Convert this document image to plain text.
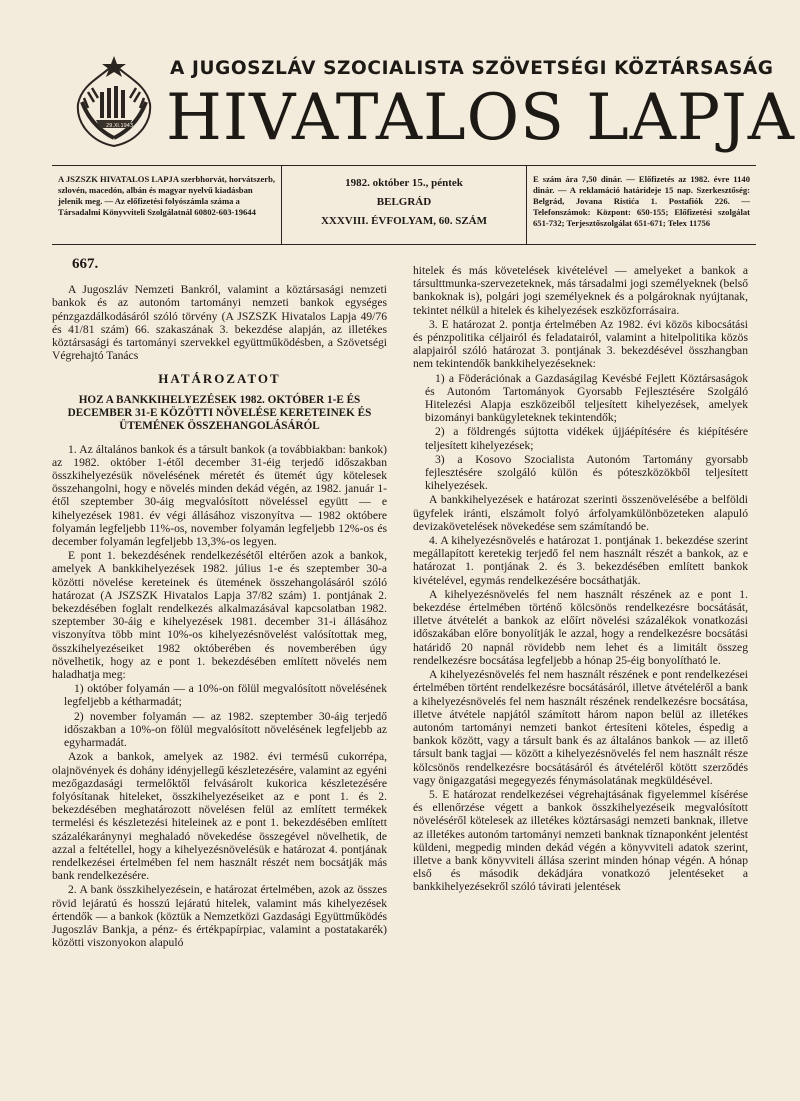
29.XI.1943
A JUGOSZLÁV SZOCIALISTA SZÖVETSÉGI KÖZTÁRSASÁG
HIVATALOS LAPJA
A JSZSZK HIVATALOS LAPJA szerbhorvát, horvátszerb, szlovén, macedón, albán és magyar nyelvű kiadásban jelenik meg. — Az előfizetési folyószámla száma a Társadalmi Könyvviteli Szolgálatnál 60802-603-19644
1982. október 15., péntek
BELGRÁD
XXXVIII. ÉVFOLYAM, 60. SZÁM
E szám ára 7,50 dinár. — Előfizetés az 1982. évre 1140 dinár. — A reklamáció határideje 15 nap. Szerkesztőség: Belgrád, Jovana Ristića 1. Postafiók 226. — Telefonszámok: Központ: 650-155; Előfizetési szolgálat 651-732; Terjesztőszolgálat 651-671; Telex 11756
667.

A Jugoszláv Nemzeti Bankról, valamint a köztársasági nemzeti bankok és az autonóm tartományi nemzeti bankok egységes pénzgazdálkodásáról szóló törvény (A JSZSZK Hivatalos Lapja 49/76 és 41/81 szám) 66. szakaszának 3. bekezdése alapján, az illetékes köztársasági és tartományi szervekkel együttműködésben, a Szövetségi Végrehajtó Tanács

HATÁROZATOT
HOZ A BANKKIHELYEZÉSEK 1982. OKTÓBER 1-E ÉS DECEMBER 31-E KÖZÖTTI NÖVELÉSE KERETEINEK ÉS ÜTEMÉNEK ÖSSZEHANGOLÁSÁRÓL

1. Az általános bankok és a társult bankok (a továbbiakban: bankok) az 1982. október 1-étől december 31-éig terjedő időszakban összkihelyezésük növelésének méretét és ütemét úgy kötelesek összehangolni, hogy e növelés minden dekád végén, az 1982. január 1-étől szeptember 30-áig megvalósított növeléssel együtt — e kihelyezések 1981. év végi állásához viszonyítva — 1982 októbere folyamán legfeljebb 11%-os, november folyamán legfeljebb 12%-os és december folyamán legfeljebb 13,3%-os legyen.

E pont 1. bekezdésének rendelkezésétől eltérően azok a bankok, amelyek A bankkihelyezések 1982. július 1-e és szeptember 30-a közötti növelése kereteinek és ütemének összehangolásáról szóló határozat (A JSZSZK Hivatalos Lapja 37/82 szám) 1. pontjának 2. bekezdésében foglalt rendelkezés alkalmazásával kapcsolatban 1982. szeptember 30-áig e kihelyezések 1981. december 31-i állásához viszonyítva több mint 10%-os kihelyezésnövelést valósítottak meg, összkihelyezéseiket 1982 októberében és novemberében úgy növelhetik, hogy az e pont 1. bekezdésében említett növelés nem haladhatja meg:

1) október folyamán — a 10%-on fölül megvalósított növelésének legfeljebb a kétharmadát;

2) november folyamán — az 1982. szeptember 30-áig terjedő időszakban a 10%-on fölül megvalósított növelésének legfeljebb az egyharmadát.

Azok a bankok, amelyek az 1982. évi termésű cukorrépa, olajnövények és dohány idényjellegű készletezésére, valamint az egyéni mezőgazdasági termelőktől felvásárolt kukorica készletezésére folyósítanak hiteleket, összkihelyezéseiket az e pont 1. és 2. bekezdésében meghatározott növelésen felül az említett termékek termelési és készletezési hiteleinek az e pont 1. bekezdésében említett százalékaránynyi meghaladó növekedése összegével növelhetik, de azzal a feltétellel, hogy a kihelyezésnövelésük e határozat 4. pontjának rendelkezései értelmében fel nem használt részét nem bocsátják más bank rendelkezésére.

2. A bank összkihelyezésein, e határozat értelmében, azok az összes rövid lejáratú és hosszú lejáratú hitelek, valamint más kihelyezések értendők — a bankok (köztük a Nemzetközi Gazdasági Együttműködés Jugoszláv Bankja, a pénz- és értékpapírpiac, valamint a postatakarék) közötti viszonyokon alapuló

hitelek és más követelések kivételével — amelyeket a bankok a társulttmunka-szervezeteknek, más társadalmi jogi személyeknek (belső bankoknak is), polgári jogi személyeknek és a polgároknak nyújtanak, tekintet nélkül a hitelek és kihelyezések eszközforrásaira.

3. E határozat 2. pontja értelmében Az 1982. évi közös kibocsátási és pénzpolitika céljairól és feladatairól, valamint a hitelpolitika közös alapjairól szóló határozat 3. pontjának 3. bekezdésével összhangban nem tekintendők bankkihelyezéseknek:

1) a Föderációnak a Gazdaságilag Kevésbé Fejlett Köztársaságok és Autonóm Tartományok Gyorsabb Fejlesztésére Szolgáló Hitelezési Alapja eszközeiből teljesített kihelyezések, amelyek bizományi bankügyleteknek tekintendők;

2) a földrengés sújtotta vidékek újjáépítésére és kiépítésére teljesített kihelyezések;

3) a Kosovo Szocialista Autonóm Tartomány gyorsabb fejlesztésére szolgáló külön és póteszközökből teljesített kihelyezések.

A bankkihelyezések e határozat szerinti összenövelésébe a belföldi ügyfelek iránti, elszámolt folyó árfolyamkülönbözeteken alapuló devizakövetelések növekedése sem számítandó be.

4. A kihelyezésnövelés e határozat 1. pontjának 1. bekezdése szerint megállapított keretekig terjedő fel nem használt részét a bankok, az e határozat 1. pontjának 2. és 3. bekezdésében említett bankok kivételével, egymás rendelkezésére bocsáthatják.

A kihelyezésnövelés fel nem használt részének az e pont 1. bekezdése értelmében történő kölcsönös rendelkezésre bocsátását, illetve átvételét a bankok az előírt növelési százalékok vonatkozási időszakában előre bonyolítják le azzal, hogy a rendelkezésre bocsátási határidő 20 napnál rövidebb nem lehet és a limitált összeg rendelkezésre bocsátása legfeljebb a hónap 25-éig bonyolítható le.

A kihelyezésnövelés fel nem használt részének e pont rendelkezései értelmében történt rendelkezésre bocsátásáról, illetve átvételéről a bank a kihelyezésnövelés fel nem használt részének rendelkezésre bocsátása, illetve átvétele napjától számított három napon belül az illetékes autonóm tartományi nemzeti bankot értesíteni köteles, éspedig a bankok között, vagy a társult bank és az általános bankok — az illető társult bank tagjai — között a kihelyezésnövelés fel nem használt része kölcsönös rendelkezésre bocsátásáról és átvételéről kötött szerződés vagy önigazgatási megegyezés fénymásolatának megküldésével.

5. E határozat rendelkezései végrehajtásának figyelemmel kísérése és ellenőrzése végett a bankok összkihelyezéseik megvalósított növeléséről kötelesek az illetékes köztársasági nemzeti banknak, illetve az illetékes autonóm tartományi nemzeti banknak tíznaponként jelentést küldeni, megpedig minden dekád végén a könyvviteli adatok szerint, illetve a bank könyvviteli állása szerint minden hónap végén. A hónap első és második dekádjára vonatkozó jelentéseket a bankkihelyezésekről szóló távirati jelentések
